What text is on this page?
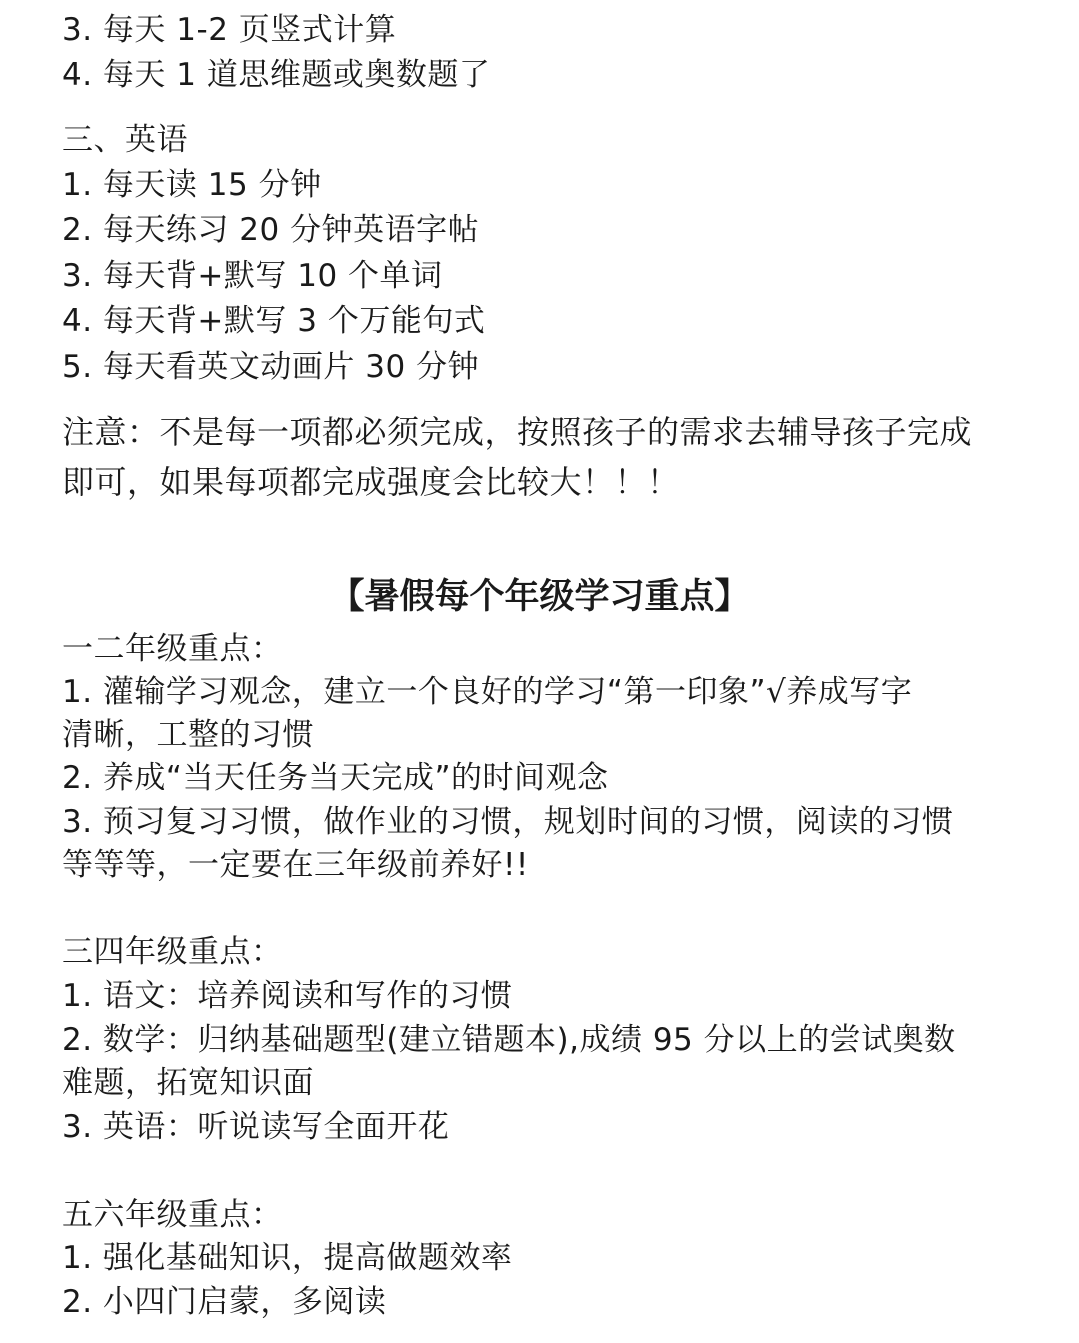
3. 每天 1-2 页竖式计算
4. 每天 1 道思维题或奥数题了
三、英语
1. 每天读 15 分钟
2. 每天练习 20 分钟英语字帖
3. 每天背+默写 10 个单词
4. 每天背+默写 3 个万能句式
5. 每天看英文动画片 30 分钟
注意：不是每一项都必须完成，按照孩子的需求去辅导孩子完成
即可，如果每项都完成强度会比较大！！！
【暑假每个年级学习重点】
一二年级重点：
1. 灌输学习观念，建立一个良好的学习“第一印象”√养成写字
清晰，工整的习惯
2. 养成“当天任务当天完成”的时间观念
3. 预习复习习惯，做作业的习惯，规划时间的习惯，阅读的习惯
等等等，一定要在三年级前养好!!
三四年级重点：
1. 语文：培养阅读和写作的习惯
2. 数学：归纳基础题型(建立错题本),成绩 95 分以上的尝试奥数
难题，拓宽知识面
3. 英语：听说读写全面开花
五六年级重点：
1. 强化基础知识，提高做题效率
2. 小四门启蒙，多阅读
